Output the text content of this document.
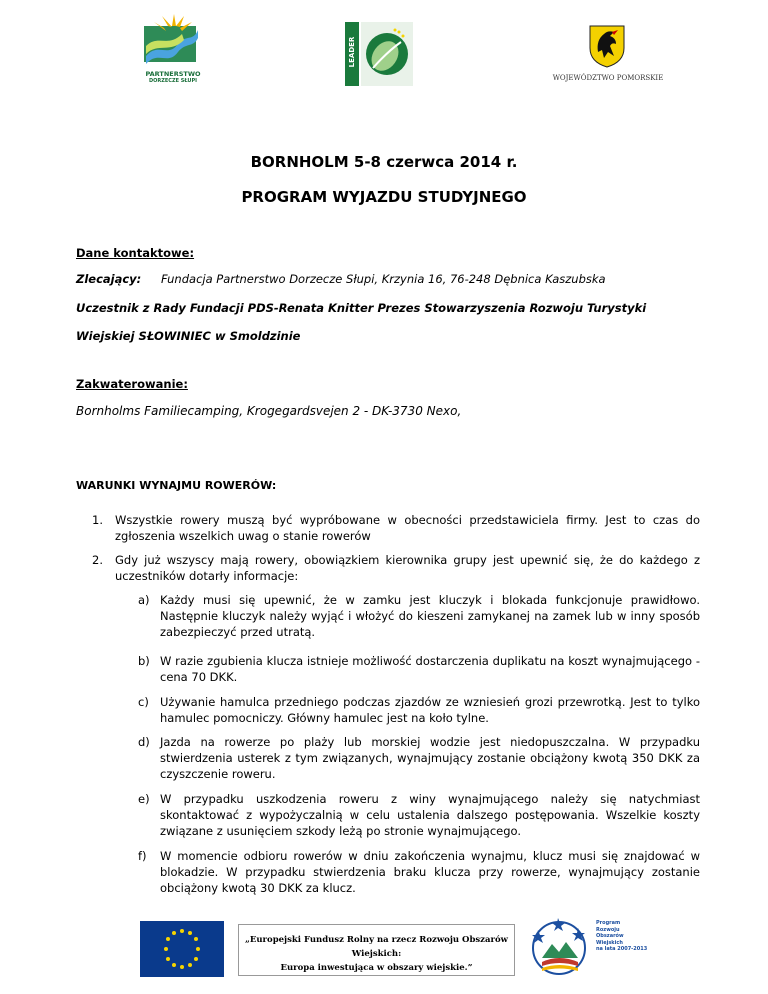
PARTNERSTWO
DORZECZE SŁUPI
LEADER
WOJEWÓDZTWO POMORSKIE
BORNHOLM 5-8 czerwca 2014 r.
PROGRAM WYJAZDU STUDYJNEGO
Dane kontaktowe:
Zlecający: Fundacja Partnerstwo Dorzecze Słupi, Krzynia 16, 76-248 Dębnica Kaszubska
Uczestnik z Rady Fundacji PDS-Renata Knitter Prezes Stowarzyszenia Rozwoju Turystyki
Wiejskiej SŁOWINIEC w Smoldzinie
Zakwaterowanie:
Bornholms Familiecamping, Krogegardsvejen 2 - DK-3730 Nexo,
WARUNKI WYNAJMU ROWERÓW:
1. Wszystkie rowery muszą być wypróbowane w obecności przedstawiciela firmy. Jest to czas do zgłoszenia wszelkich uwag o stanie rowerów
2. Gdy już wszyscy mają rowery, obowiązkiem kierownika grupy jest upewnić się, że do każdego z uczestników dotarły informacje:
a) Każdy musi się upewnić, że w zamku jest kluczyk i blokada funkcjonuje prawidłowo. Następnie kluczyk należy wyjąć i włożyć do kieszeni zamykanej na zamek lub w inny sposób zabezpieczyć przed utratą.
b) W razie zgubienia klucza istnieje możliwość dostarczenia duplikatu na koszt wynajmującego - cena 70 DKK.
c) Używanie hamulca przedniego podczas zjazdów ze wzniesień grozi przewrotką. Jest to tylko hamulec pomocniczy. Główny hamulec jest na koło tylne.
d) Jazda na rowerze po plaży lub morskiej wodzie jest niedopuszczalna. W przypadku stwierdzenia usterek z tym związanych, wynajmujący zostanie obciążony kwotą 350 DKK za czyszczenie roweru.
e) W przypadku uszkodzenia roweru z winy wynajmującego należy się natychmiast skontaktować z wypożyczalnią w celu ustalenia dalszego postępowania. Wszelkie koszty związane z usunięciem szkody leżą po stronie wynajmującego.
f) W momencie odbioru rowerów w dniu zakończenia wynajmu, klucz musi się znajdować w blokadzie. W przypadku stwierdzenia braku klucza przy rowerze, wynajmujący zostanie obciążony kwotą 30 DKK za klucz.
„Europejski Fundusz Rolny na rzecz Rozwoju Obszarów Wiejskich:
Europa inwestująca w obszary wiejskie.”
Program
Rozwoju
Obszarów
Wiejskich
na lata 2007-2013
